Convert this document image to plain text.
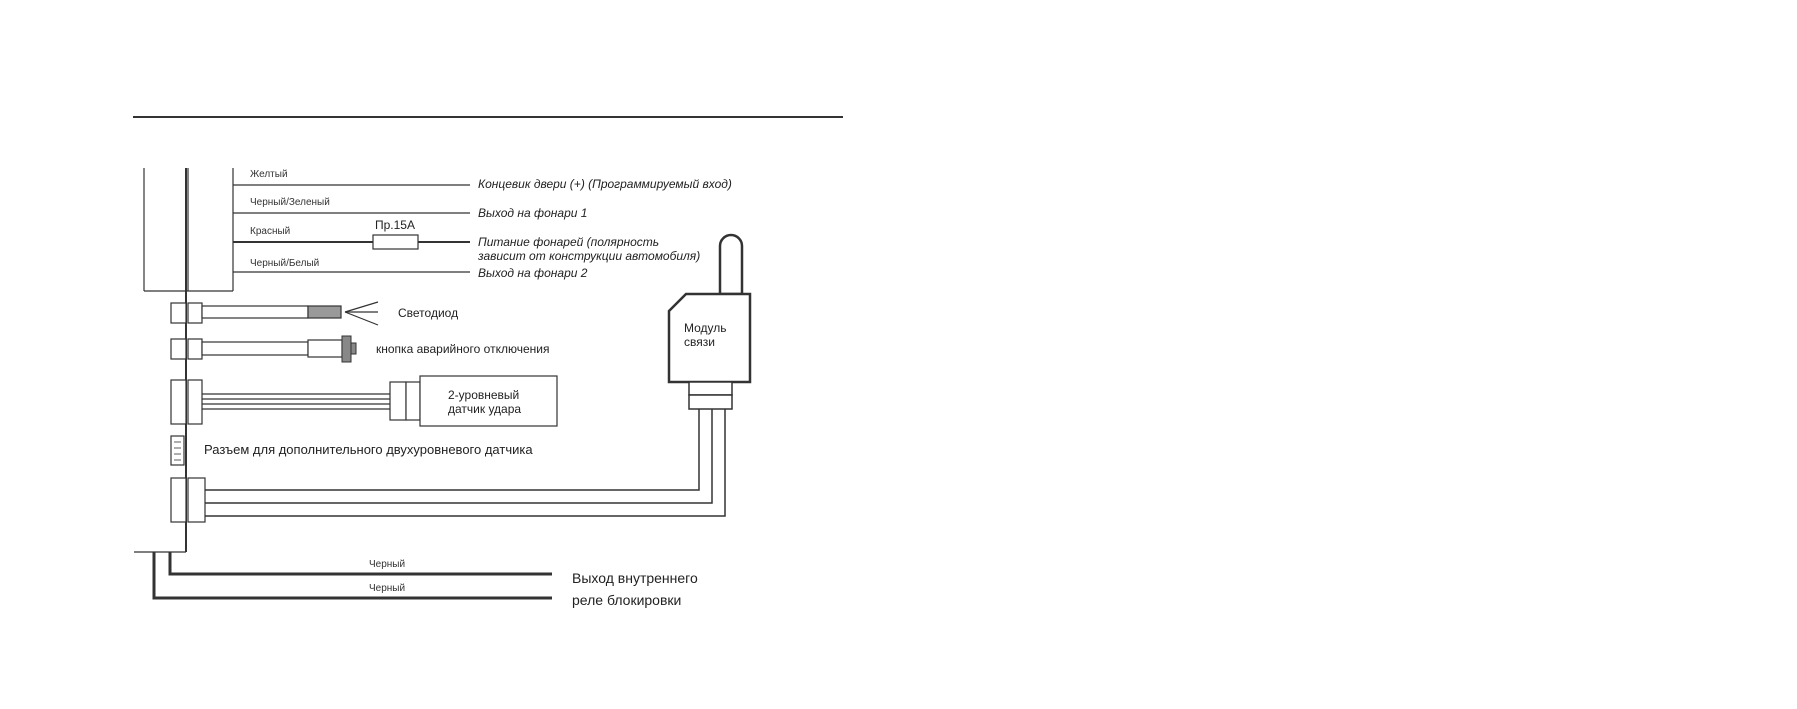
Желтый
Концевик двери (+) (Программируемый вход)
Черный/Зеленый
Выход на фонари 1
Красный	Пр.15А
Питание фонарей (полярность
зависит от конструкции автомобиля)
Черный/Белый
Выход на фонари 2
Светодиод
кнопка аварийного отключения
2-уровневый
датчик удара
Разъем для дополнительного двухуровневого датчика
Модуль
связи
Черный
Черный
Выход внутреннего
реле блокировки
